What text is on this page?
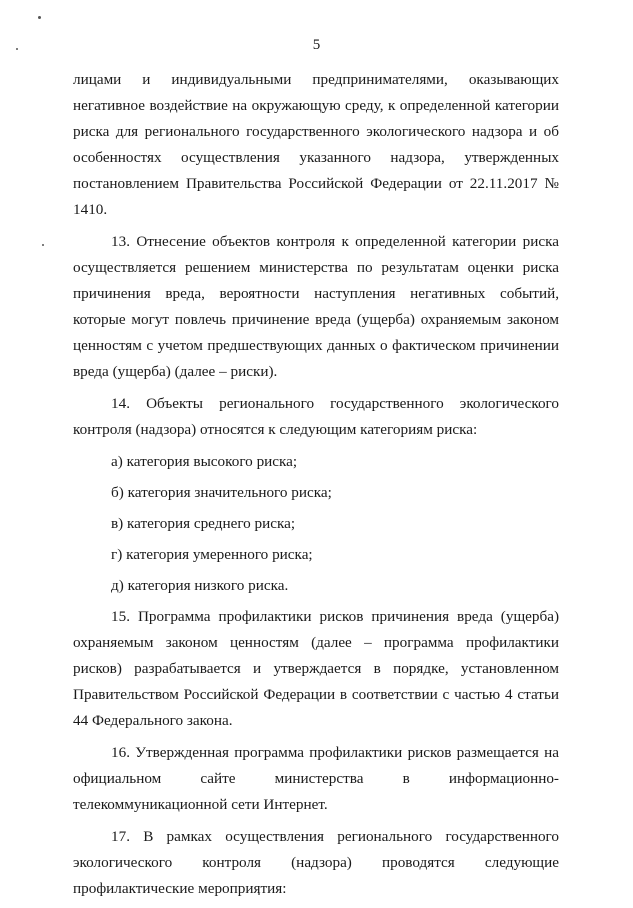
5

лицами и индивидуальными предпринимателями, оказывающих негативное воздействие на окружающую среду, к определенной категории риска для регионального государственного экологического надзора и об особенностях осуществления указанного надзора, утвержденных постановлением Правительства Российской Федерации от 22.11.2017 № 1410.

13. Отнесение объектов контроля к определенной категории риска осуществляется решением министерства по результатам оценки риска причинения вреда, вероятности наступления негативных событий, которые могут повлечь причинение вреда (ущерба) охраняемым законом ценностям с учетом предшествующих данных о фактическом причинении вреда (ущерба) (далее – риски).

14. Объекты регионального государственного экологического контроля (надзора) относятся к следующим категориям риска:

а) категория высокого риска;
б) категория значительного риска;
в) категория среднего риска;
г) категория умеренного риска;
д) категория низкого риска.

15. Программа профилактики рисков причинения вреда (ущерба) охраняемым законом ценностям (далее – программа профилактики рисков) разрабатывается и утверждается в порядке, установленном Правительством Российской Федерации в соответствии с частью 4 статьи 44 Федерального закона.

16. Утвержденная программа профилактики рисков размещается на официальном сайте министерства в информационно-телекоммуникационной сети Интернет.

17. В рамках осуществления регионального государственного экологического контроля (надзора) проводятся следующие профилактические мероприятия:
